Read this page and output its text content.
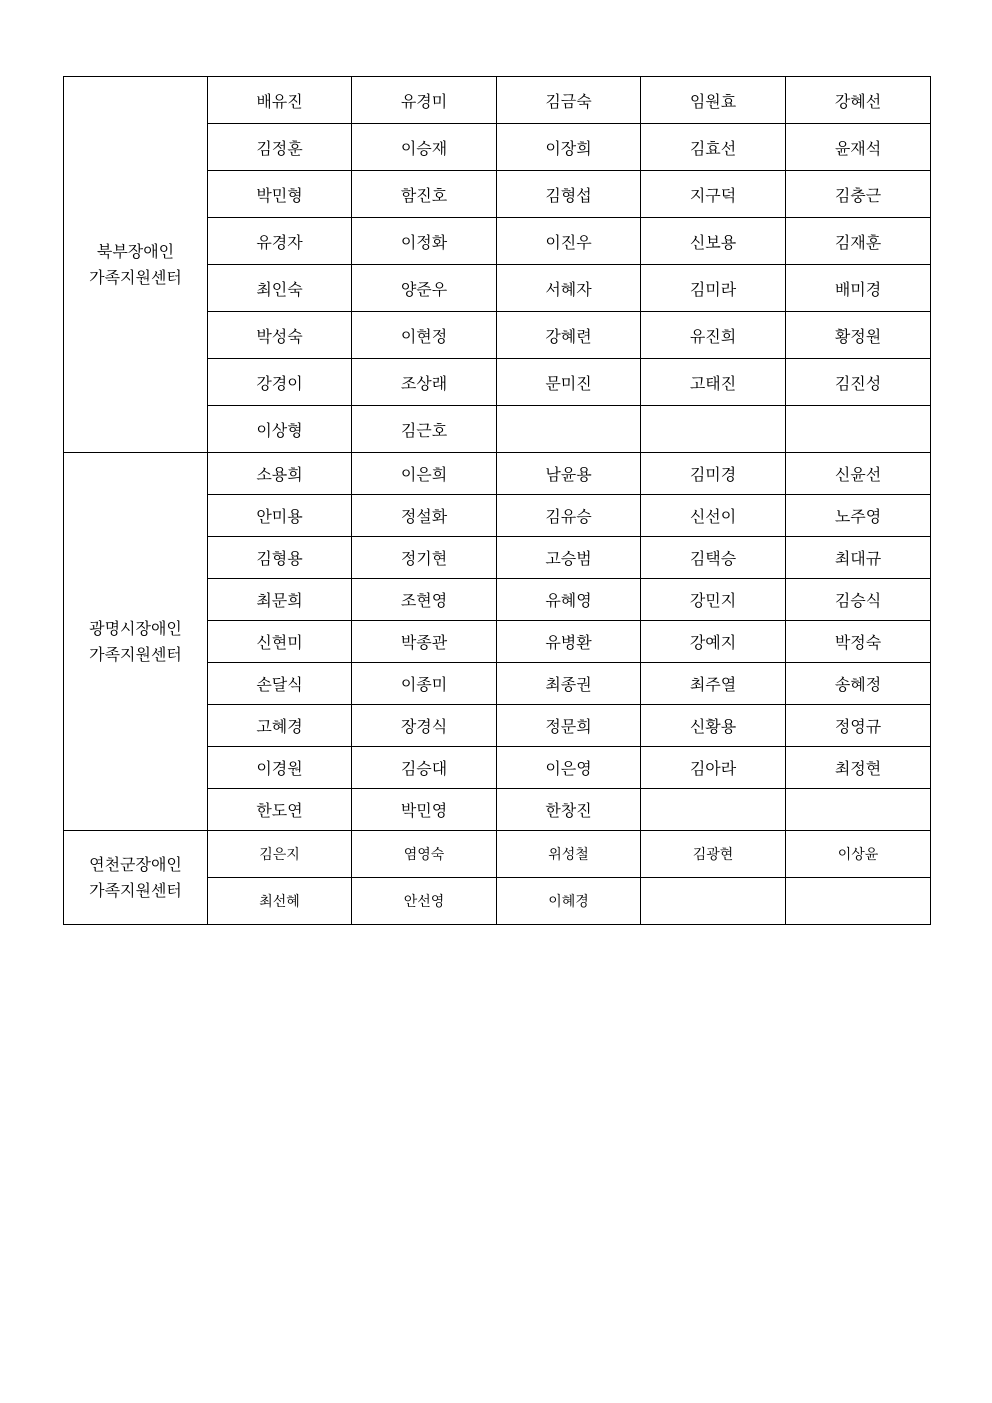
북부장애인
가족지원센터	배유진	유경미	김금숙	임원효	강혜선
	김정훈	이승재	이장희	김효선	윤재석
	박민형	함진호	김형섭	지구덕	김충근
	유경자	이정화	이진우	신보용	김재훈
	최인숙	양준우	서혜자	김미라	배미경
	박성숙	이현정	강혜련	유진희	황정원
	강경이	조상래	문미진	고태진	김진성
	이상형	김근호			

광명시장애인
가족지원센터	소용희	이은희	남윤용	김미경	신윤선
	안미용	정설화	김유승	신선이	노주영
	김형용	정기현	고승범	김택승	최대규
	최문희	조현영	유혜영	강민지	김승식
	신현미	박종관	유병환	강예지	박정숙
	손달식	이종미	최종권	최주열	송혜정
	고혜경	장경식	정문희	신황용	정영규
	이경원	김승대	이은영	김아라	최정현
	한도연	박민영	한창진		

연천군장애인
가족지원센터	김은지	염영숙	위성철	김광현	이상윤
	최선혜	안선영	이혜경		
